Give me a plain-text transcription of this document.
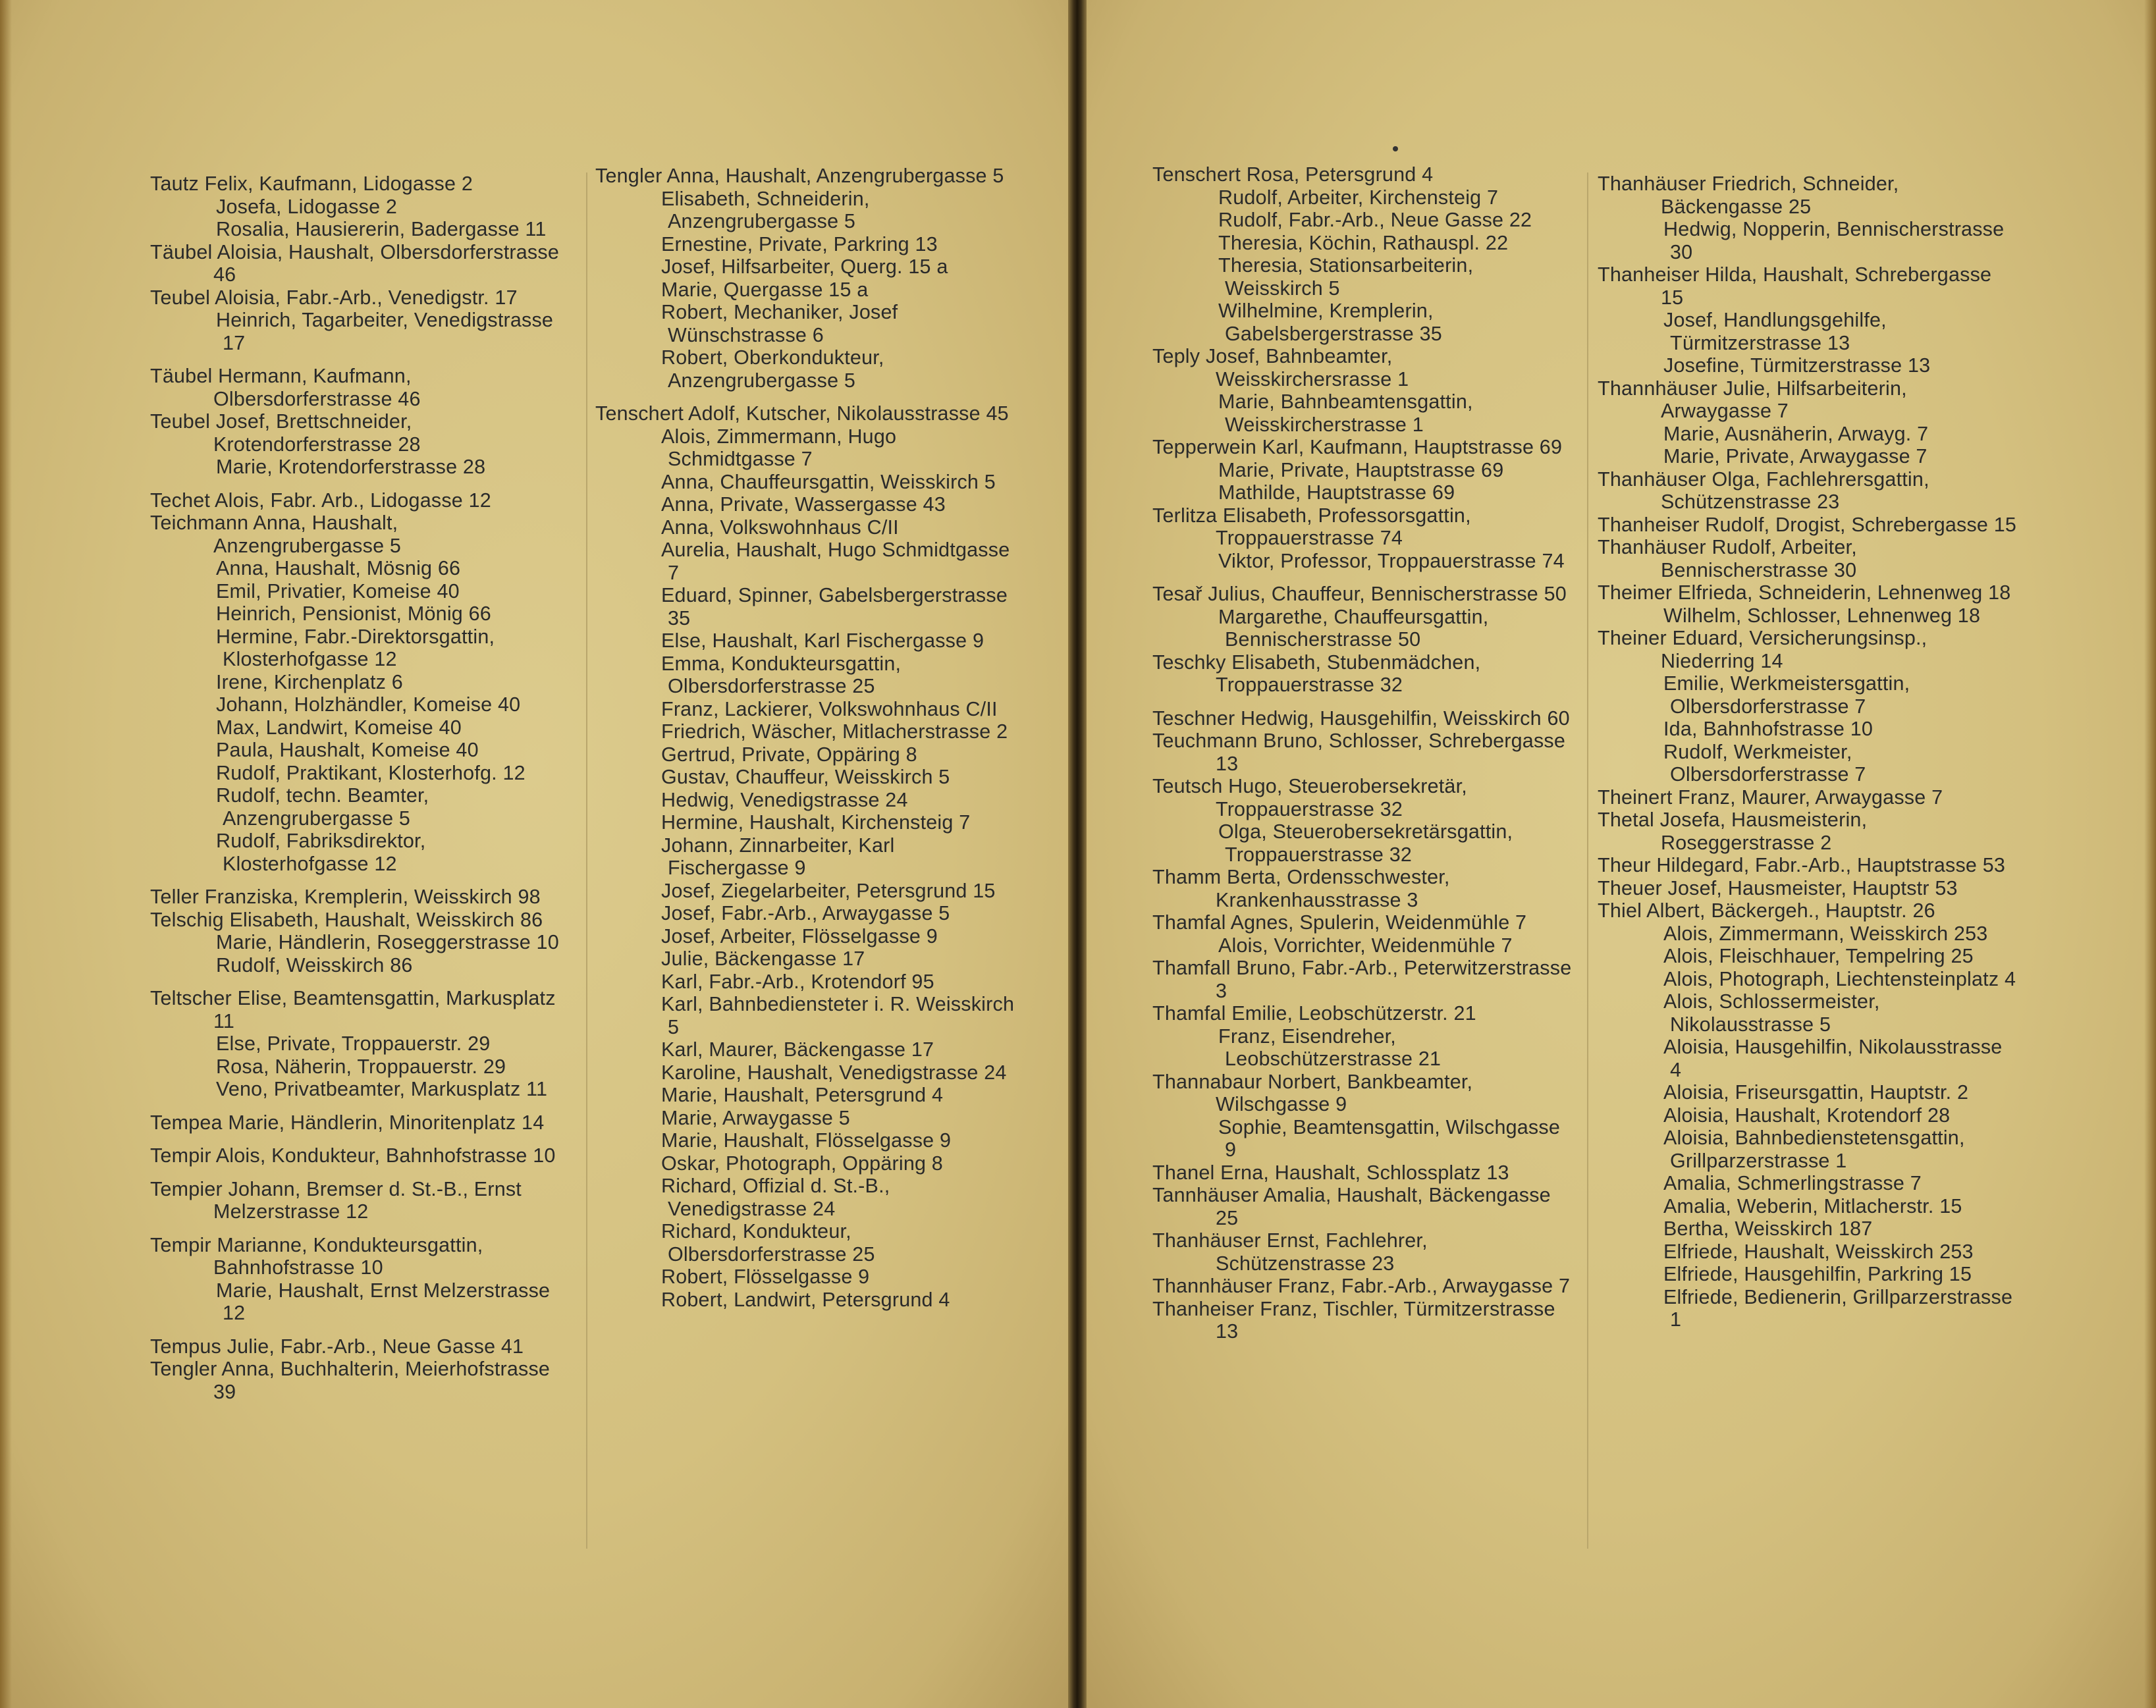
Tautz Felix, Kaufmann, Lidogasse 2
Josefa, Lidogasse 2
Rosalia, Hausiererin, Badergasse 11
Täubel Aloisia, Haushalt, Olbersdorferstrasse 46
Teubel Aloisia, Fabr.-Arb., Venedigstr. 17
Heinrich, Tagarbeiter, Venedigstrasse 17
Täubel Hermann, Kaufmann, Olbersdorferstrasse 46
Teubel Josef, Brettschneider, Krotendorferstrasse 28
Marie, Krotendorferstrasse 28
Techet Alois, Fabr. Arb., Lidogasse 12
Teichmann Anna, Haushalt, Anzengrubergasse 5
Anna, Haushalt, Mösnig 66
Emil, Privatier, Komeise 40
Heinrich, Pensionist, Mönig 66
Hermine, Fabr.-Direktorsgattin, Klosterhofgasse 12
Irene, Kirchenplatz 6
Johann, Holzhändler, Komeise 40
Max, Landwirt, Komeise 40
Paula, Haushalt, Komeise 40
Rudolf, Praktikant, Klosterhofg. 12
Rudolf, techn. Beamter, Anzengrubergasse 5
Rudolf, Fabriksdirektor, Klosterhofgasse 12
Teller Franziska, Kremplerin, Weisskirch 98
Telschig Elisabeth, Haushalt, Weisskirch 86
Marie, Händlerin, Roseggerstrasse 10
Rudolf, Weisskirch 86
Teltscher Elise, Beamtensgattin, Markusplatz 11
Else, Private, Troppauerstr. 29
Rosa, Näherin, Troppauerstr. 29
Veno, Privatbeamter, Markusplatz 11
Tempea Marie, Händlerin, Minoritenplatz 14
Tempir Alois, Kondukteur, Bahnhofstrasse 10
Tempier Johann, Bremser d. St.-B., Ernst Melzerstrasse 12
Tempir Marianne, Kondukteursgattin, Bahnhofstrasse 10
Marie, Haushalt, Ernst Melzerstrasse 12
Tempus Julie, Fabr.-Arb., Neue Gasse 41
Tengler Anna, Buchhalterin, Meierhofstrasse 39
Tengler Anna, Haushalt, Anzengrubergasse 5
Elisabeth, Schneiderin, Anzengrubergasse 5
Ernestine, Private, Parkring 13
Josef, Hilfsarbeiter, Querg. 15 a
Marie, Quergasse 15 a
Robert, Mechaniker, Josef Wünschstrasse 6
Robert, Oberkondukteur, Anzengrubergasse 5
Tenschert Adolf, Kutscher, Nikolausstrasse 45
Alois, Zimmermann, Hugo Schmidtgasse 7
Anna, Chauffeursgattin, Weisskirch 5
Anna, Private, Wassergasse 43
Anna, Volkswohnhaus C/II
Aurelia, Haushalt, Hugo Schmidtgasse 7
Eduard, Spinner, Gabelsbergerstrasse 35
Else, Haushalt, Karl Fischergasse 9
Emma, Kondukteursgattin, Olbersdorferstrasse 25
Franz, Lackierer, Volkswohnhaus C/II
Friedrich, Wäscher, Mitlacherstrasse 2
Gertrud, Private, Oppäring 8
Gustav, Chauffeur, Weisskirch 5
Hedwig, Venedigstrasse 24
Hermine, Haushalt, Kirchensteig 7
Johann, Zinnarbeiter, Karl Fischergasse 9
Josef, Ziegelarbeiter, Petersgrund 15
Josef, Fabr.-Arb., Arwaygasse 5
Josef, Arbeiter, Flösselgasse 9
Julie, Bäckengasse 17
Karl, Fabr.-Arb., Krotendorf 95
Karl, Bahnbediensteter i. R. Weisskirch 5
Karl, Maurer, Bäckengasse 17
Karoline, Haushalt, Venedigstrasse 24
Marie, Haushalt, Petersgrund 4
Marie, Arwaygasse 5
Marie, Haushalt, Flösselgasse 9
Oskar, Photograph, Oppäring 8
Richard, Offizial d. St.-B., Venedigstrasse 24
Richard, Kondukteur, Olbersdorferstrasse 25
Robert, Flösselgasse 9
Robert, Landwirt, Petersgrund 4
Tenschert Rosa, Petersgrund 4
Rudolf, Arbeiter, Kirchensteig 7
Rudolf, Fabr.-Arb., Neue Gasse 22
Theresia, Köchin, Rathauspl. 22
Theresia, Stationsarbeiterin, Weisskirch 5
Wilhelmine, Kremplerin, Gabelsbergerstrasse 35
Teply Josef, Bahnbeamter, Weisskirchersrasse 1
Marie, Bahnbeamtensgattin, Weisskircherstrasse 1
Tepperwein Karl, Kaufmann, Hauptstrasse 69
Marie, Private, Hauptstrasse 69
Mathilde, Hauptstrasse 69
Terlitza Elisabeth, Professorsgattin, Troppauerstrasse 74
Viktor, Professor, Troppauerstrasse 74
Tesař Julius, Chauffeur, Bennischerstrasse 50
Margarethe, Chauffeursgattin, Bennischerstrasse 50
Teschky Elisabeth, Stubenmädchen, Troppauerstrasse 32
Teschner Hedwig, Hausgehilfin, Weisskirch 60
Teuchmann Bruno, Schlosser, Schrebergasse 13
Teutsch Hugo, Steuerobersekretär, Troppauerstrasse 32
Olga, Steuerobersekretärsgattin, Troppauerstrasse 32
Thamm Berta, Ordensschwester, Krankenhausstrasse 3
Thamfal Agnes, Spulerin, Weidenmühle 7
Alois, Vorrichter, Weidenmühle 7
Thamfall Bruno, Fabr.-Arb., Peterwitzerstrasse 3
Thamfal Emilie, Leobschützerstr. 21
Franz, Eisendreher, Leobschützerstrasse 21
Thannabaur Norbert, Bankbeamter, Wilschgasse 9
Sophie, Beamtensgattin, Wilschgasse 9
Thanel Erna, Haushalt, Schlossplatz 13
Tannhäuser Amalia, Haushalt, Bäckengasse 25
Thanhäuser Ernst, Fachlehrer, Schützenstrasse 23
Thannhäuser Franz, Fabr.-Arb., Arwaygasse 7
Thanheiser Franz, Tischler, Türmitzerstrasse 13
Thanhäuser Friedrich, Schneider, Bäckengasse 25
Hedwig, Nopperin, Bennischerstrasse 30
Thanheiser Hilda, Haushalt, Schrebergasse 15
Josef, Handlungsgehilfe, Türmitzerstrasse 13
Josefine, Türmitzerstrasse 13
Thannhäuser Julie, Hilfsarbeiterin, Arwaygasse 7
Marie, Ausnäherin, Arwayg. 7
Marie, Private, Arwaygasse 7
Thanhäuser Olga, Fachlehrersgattin, Schützenstrasse 23
Thanheiser Rudolf, Drogist, Schrebergasse 15
Thanhäuser Rudolf, Arbeiter, Bennischerstrasse 30
Theimer Elfrieda, Schneiderin, Lehnenweg 18
Wilhelm, Schlosser, Lehnenweg 18
Theiner Eduard, Versicherungsinsp., Niederring 14
Emilie, Werkmeistersgattin, Olbersdorferstrasse 7
Ida, Bahnhofstrasse 10
Rudolf, Werkmeister, Olbersdorferstrasse 7
Theinert Franz, Maurer, Arwaygasse 7
Thetal Josefa, Hausmeisterin, Roseggerstrasse 2
Theur Hildegard, Fabr.-Arb., Hauptstrasse 53
Theuer Josef, Hausmeister, Hauptstr 53
Thiel Albert, Bäckergeh., Hauptstr. 26
Alois, Zimmermann, Weisskirch 253
Alois, Fleischhauer, Tempelring 25
Alois, Photograph, Liechtensteinplatz 4
Alois, Schlossermeister, Nikolausstrasse 5
Aloisia, Hausgehilfin, Nikolausstrasse 4
Aloisia, Friseursgattin, Hauptstr. 2
Aloisia, Haushalt, Krotendorf 28
Aloisia, Bahnbedienstetensgattin, Grillparzerstrasse 1
Amalia, Schmerlingstrasse 7
Amalia, Weberin, Mitlacherstr. 15
Bertha, Weisskirch 187
Elfriede, Haushalt, Weisskirch 253
Elfriede, Hausgehilfin, Parkring 15
Elfriede, Bedienerin, Grillparzerstrasse 1
